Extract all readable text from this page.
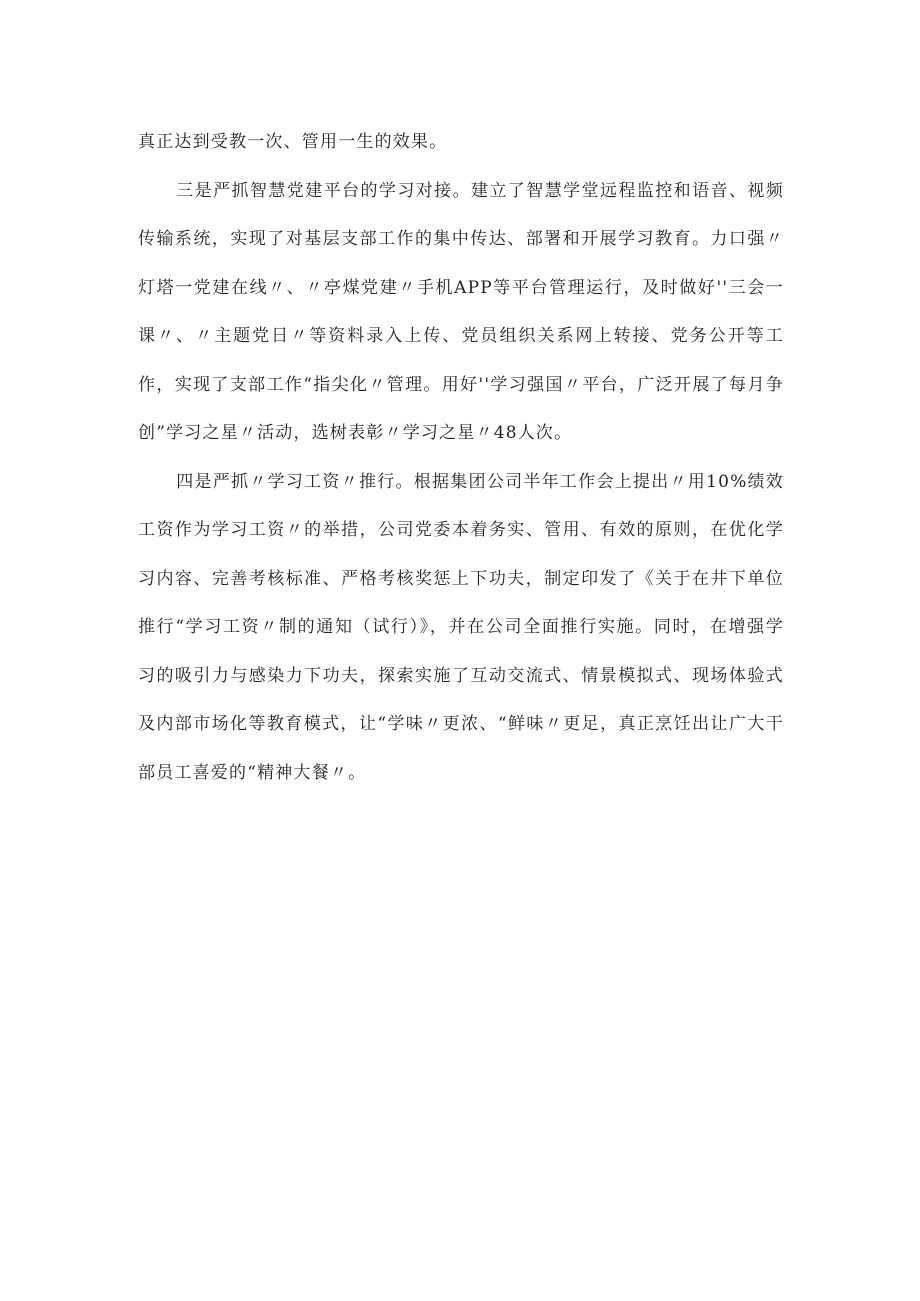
真正达到受教一次、管用一生的效果。

三是严抓智慧党建平台的学习对接。建立了智慧学堂远程监控和语音、视频传输系统，实现了对基层支部工作的集中传达、部署和开展学习教育。力口强〃灯塔一党建在线〃、〃亭煤党建〃手机APP等平台管理运行，及时做好''三会一课〃、〃主题党日〃等资料录入上传、党员组织关系网上转接、党务公开等工作，实现了支部工作“指尖化〃管理。用好''学习强国〃平台，广泛开展了每月争创”学习之星〃活动，选树表彰〃学习之星〃48人次。

四是严抓〃学习工资〃推行。根据集团公司半年工作会上提出〃用10%绩效工资作为学习工资〃的举措，公司党委本着务实、管用、有效的原则，在优化学习内容、完善考核标准、严格考核奖惩上下功夫，制定印发了《关于在井下单位推行“学习工资〃制的通知（试行）》，并在公司全面推行实施。同时，在增强学习的吸引力与感染力下功夫，探索实施了互动交流式、情景模拟式、现场体验式及内部市场化等教育模式，让“学味〃更浓、“鲜味〃更足，真正烹饪出让广大干部员工喜爱的“精神大餐〃。
